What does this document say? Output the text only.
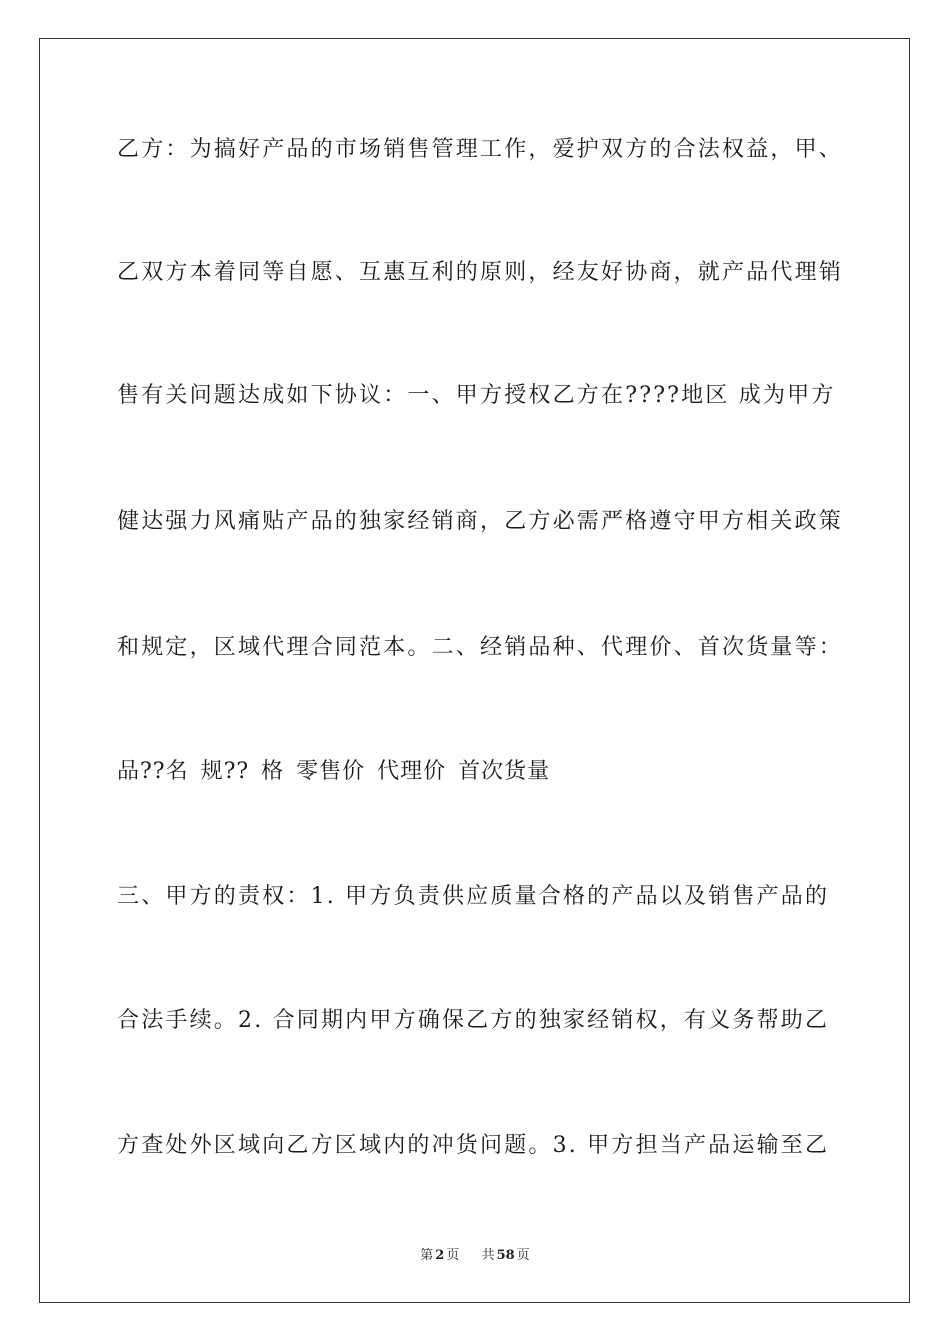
乙方：为搞好产品的市场销售管理工作，爱护双方的合法权益，甲、
乙双方本着同等自愿、互惠互利的原则，经友好协商，就产品代理销
售有关问题达成如下协议：一、甲方授权乙方在????地区 成为甲方
健达强力风痛贴产品的独家经销商，乙方必需严格遵守甲方相关政策
和规定，区域代理合同范本。二、经销品种、代理价、首次货量等：
品??名 规?? 格 零售价 代理价 首次货量
三、甲方的责权：1. 甲方负责供应质量合格的产品以及销售产品的
合法手续。2. 合同期内甲方确保乙方的独家经销权，有义务帮助乙
方查处外区域向乙方区域内的冲货问题。3. 甲方担当产品运输至乙
第 2 页 共 58 页
